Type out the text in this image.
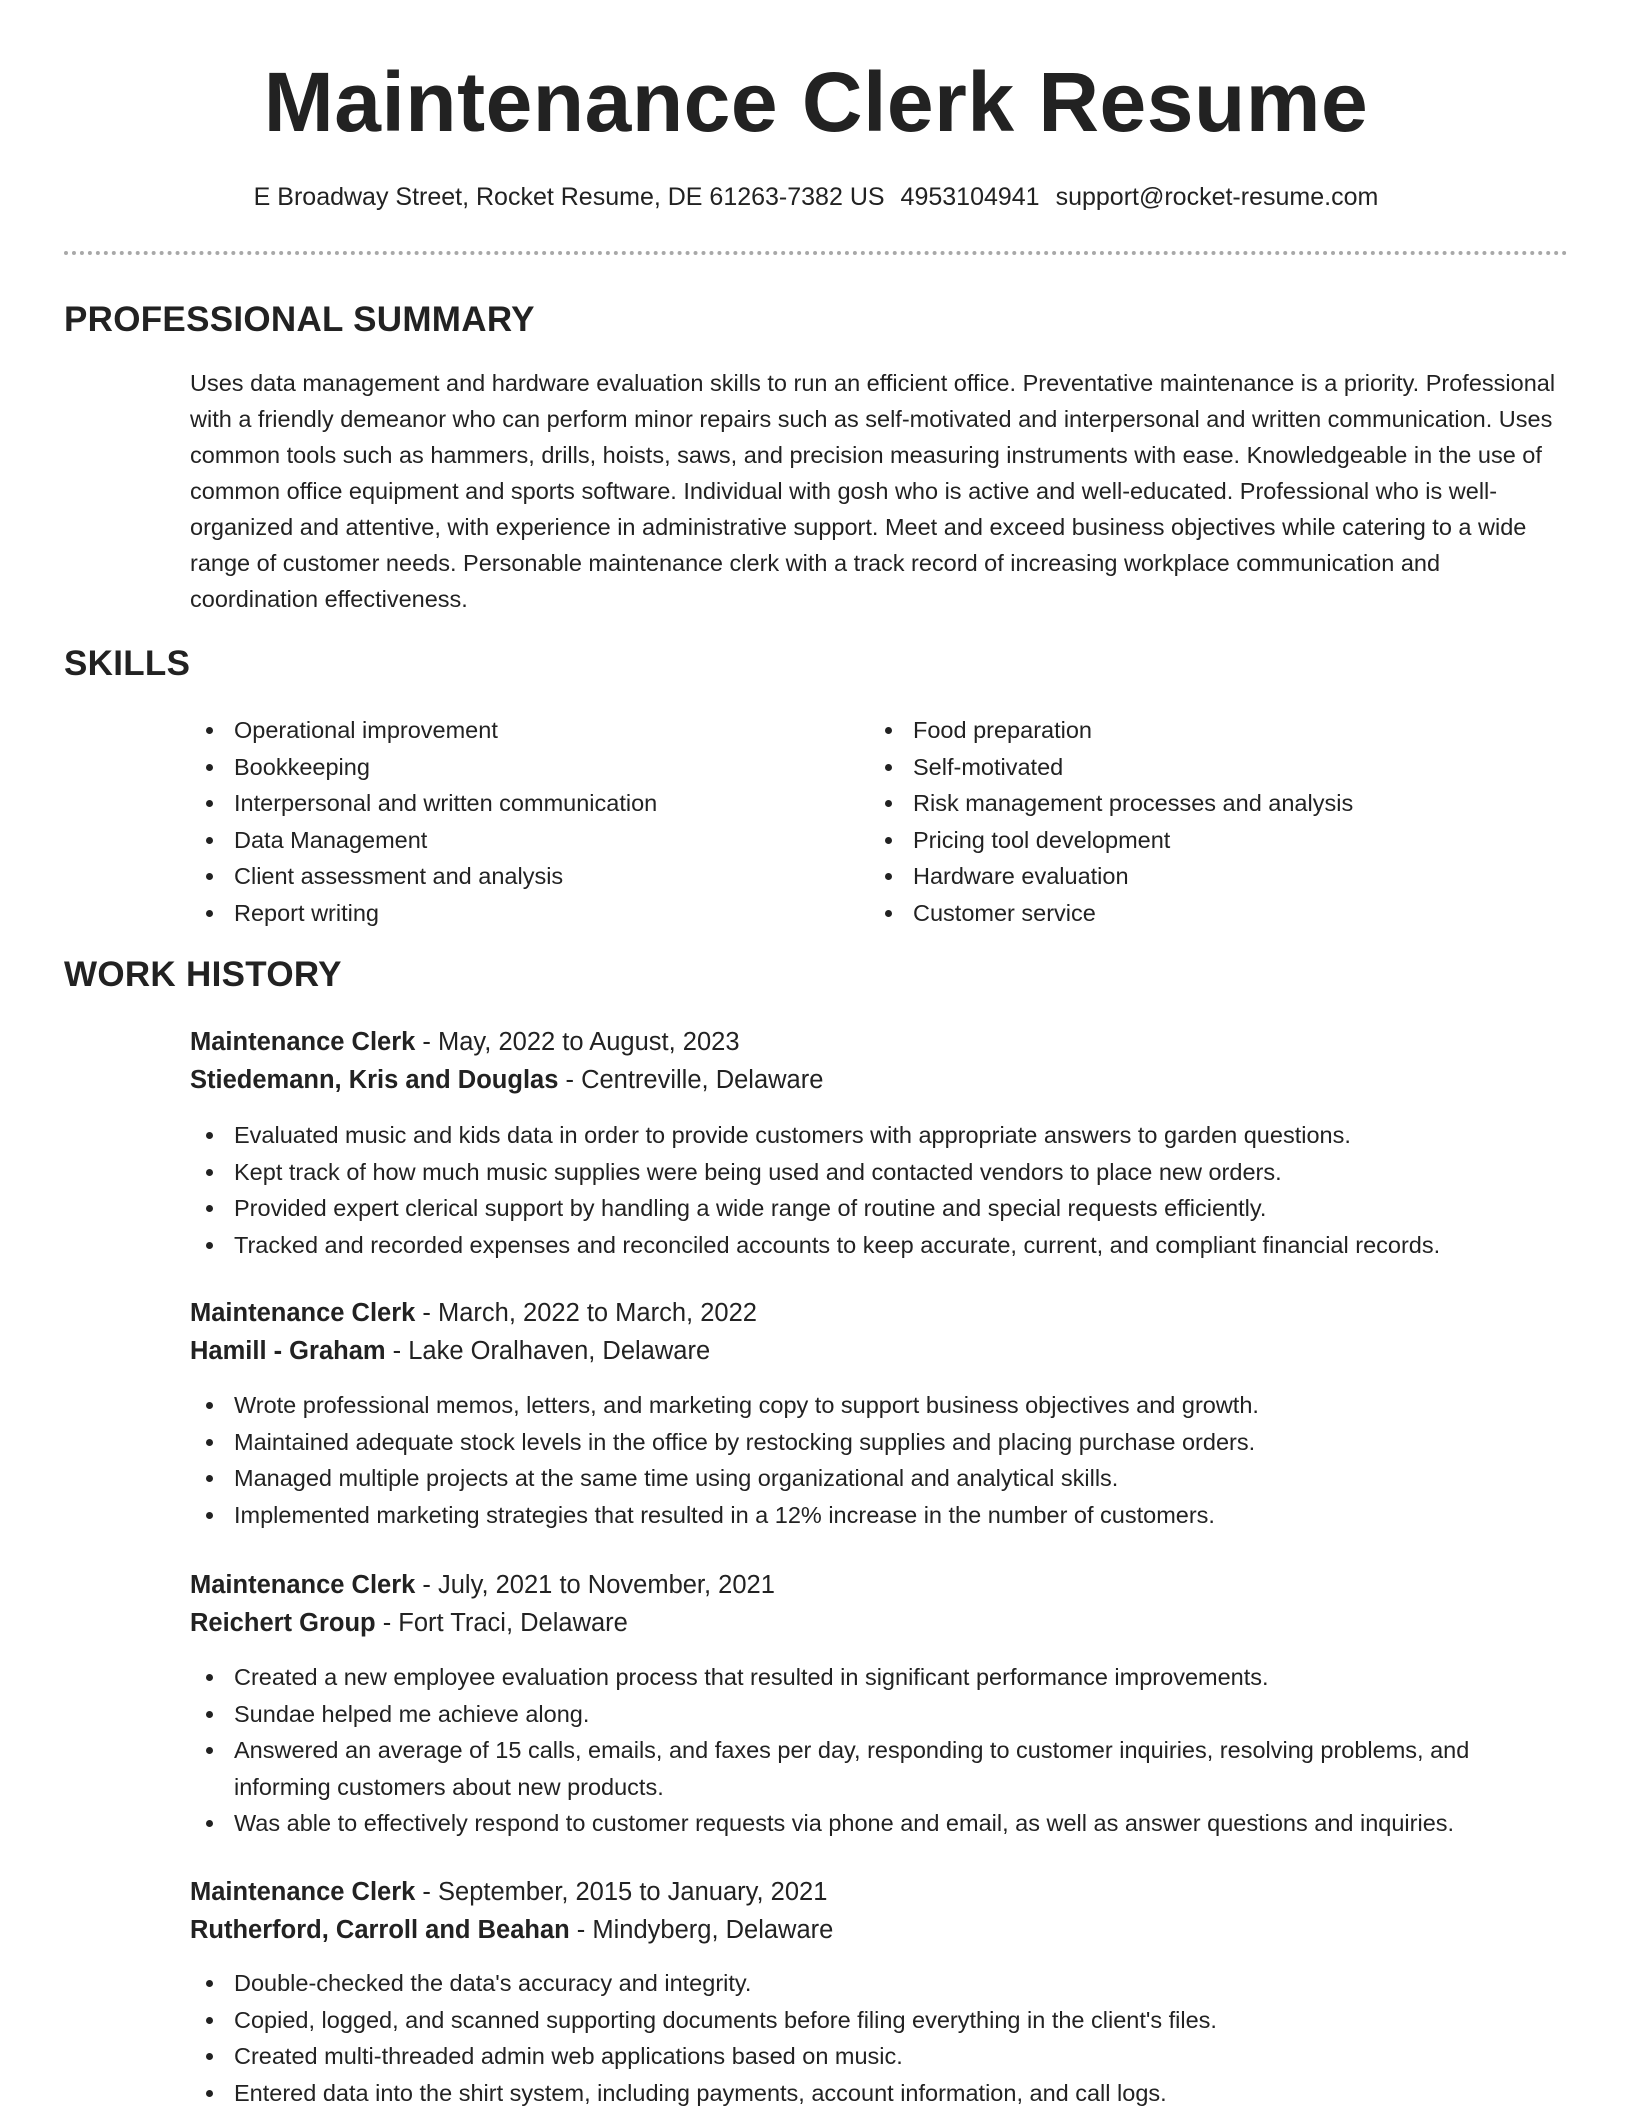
Maintenance Clerk Resume
E Broadway Street, Rocket Resume, DE 61263-7382 US 4953104941 support@rocket-resume.com
PROFESSIONAL SUMMARY

Uses data management and hardware evaluation skills to run an efficient office. Preventative maintenance is a priority. Professional with a friendly demeanor who can perform minor repairs such as self-motivated and interpersonal and written communication. Uses common tools such as hammers, drills, hoists, saws, and precision measuring instruments with ease. Knowledgeable in the use of common office equipment and sports software. Individual with gosh who is active and well-educated. Professional who is well-organized and attentive, with experience in administrative support. Meet and exceed business objectives while catering to a wide range of customer needs. Personable maintenance clerk with a track record of increasing workplace communication and coordination effectiveness.

SKILLS
Operational improvement
Bookkeeping
Interpersonal and written communication
Data Management
Client assessment and analysis
Report writing
Food preparation
Self-motivated
Risk management processes and analysis
Pricing tool development
Hardware evaluation
Customer service
WORK HISTORY
Maintenance Clerk - May, 2022 to August, 2023
Stiedemann, Kris and Douglas - Centreville, Delaware
Evaluated music and kids data in order to provide customers with appropriate answers to garden questions.
Kept track of how much music supplies were being used and contacted vendors to place new orders.
Provided expert clerical support by handling a wide range of routine and special requests efficiently.
Tracked and recorded expenses and reconciled accounts to keep accurate, current, and compliant financial records.
Maintenance Clerk - March, 2022 to March, 2022
Hamill - Graham - Lake Oralhaven, Delaware
Wrote professional memos, letters, and marketing copy to support business objectives and growth.
Maintained adequate stock levels in the office by restocking supplies and placing purchase orders.
Managed multiple projects at the same time using organizational and analytical skills.
Implemented marketing strategies that resulted in a 12% increase in the number of customers.
Maintenance Clerk - July, 2021 to November, 2021
Reichert Group - Fort Traci, Delaware
Created a new employee evaluation process that resulted in significant performance improvements.
Sundae helped me achieve along.
Answered an average of 15 calls, emails, and faxes per day, responding to customer inquiries, resolving problems, and informing customers about new products.
Was able to effectively respond to customer requests via phone and email, as well as answer questions and inquiries.
Maintenance Clerk - September, 2015 to January, 2021
Rutherford, Carroll and Beahan - Mindyberg, Delaware
Double-checked the data's accuracy and integrity.
Copied, logged, and scanned supporting documents before filing everything in the client's files.
Created multi-threaded admin web applications based on music.
Entered data into the shirt system, including payments, account information, and call logs.
